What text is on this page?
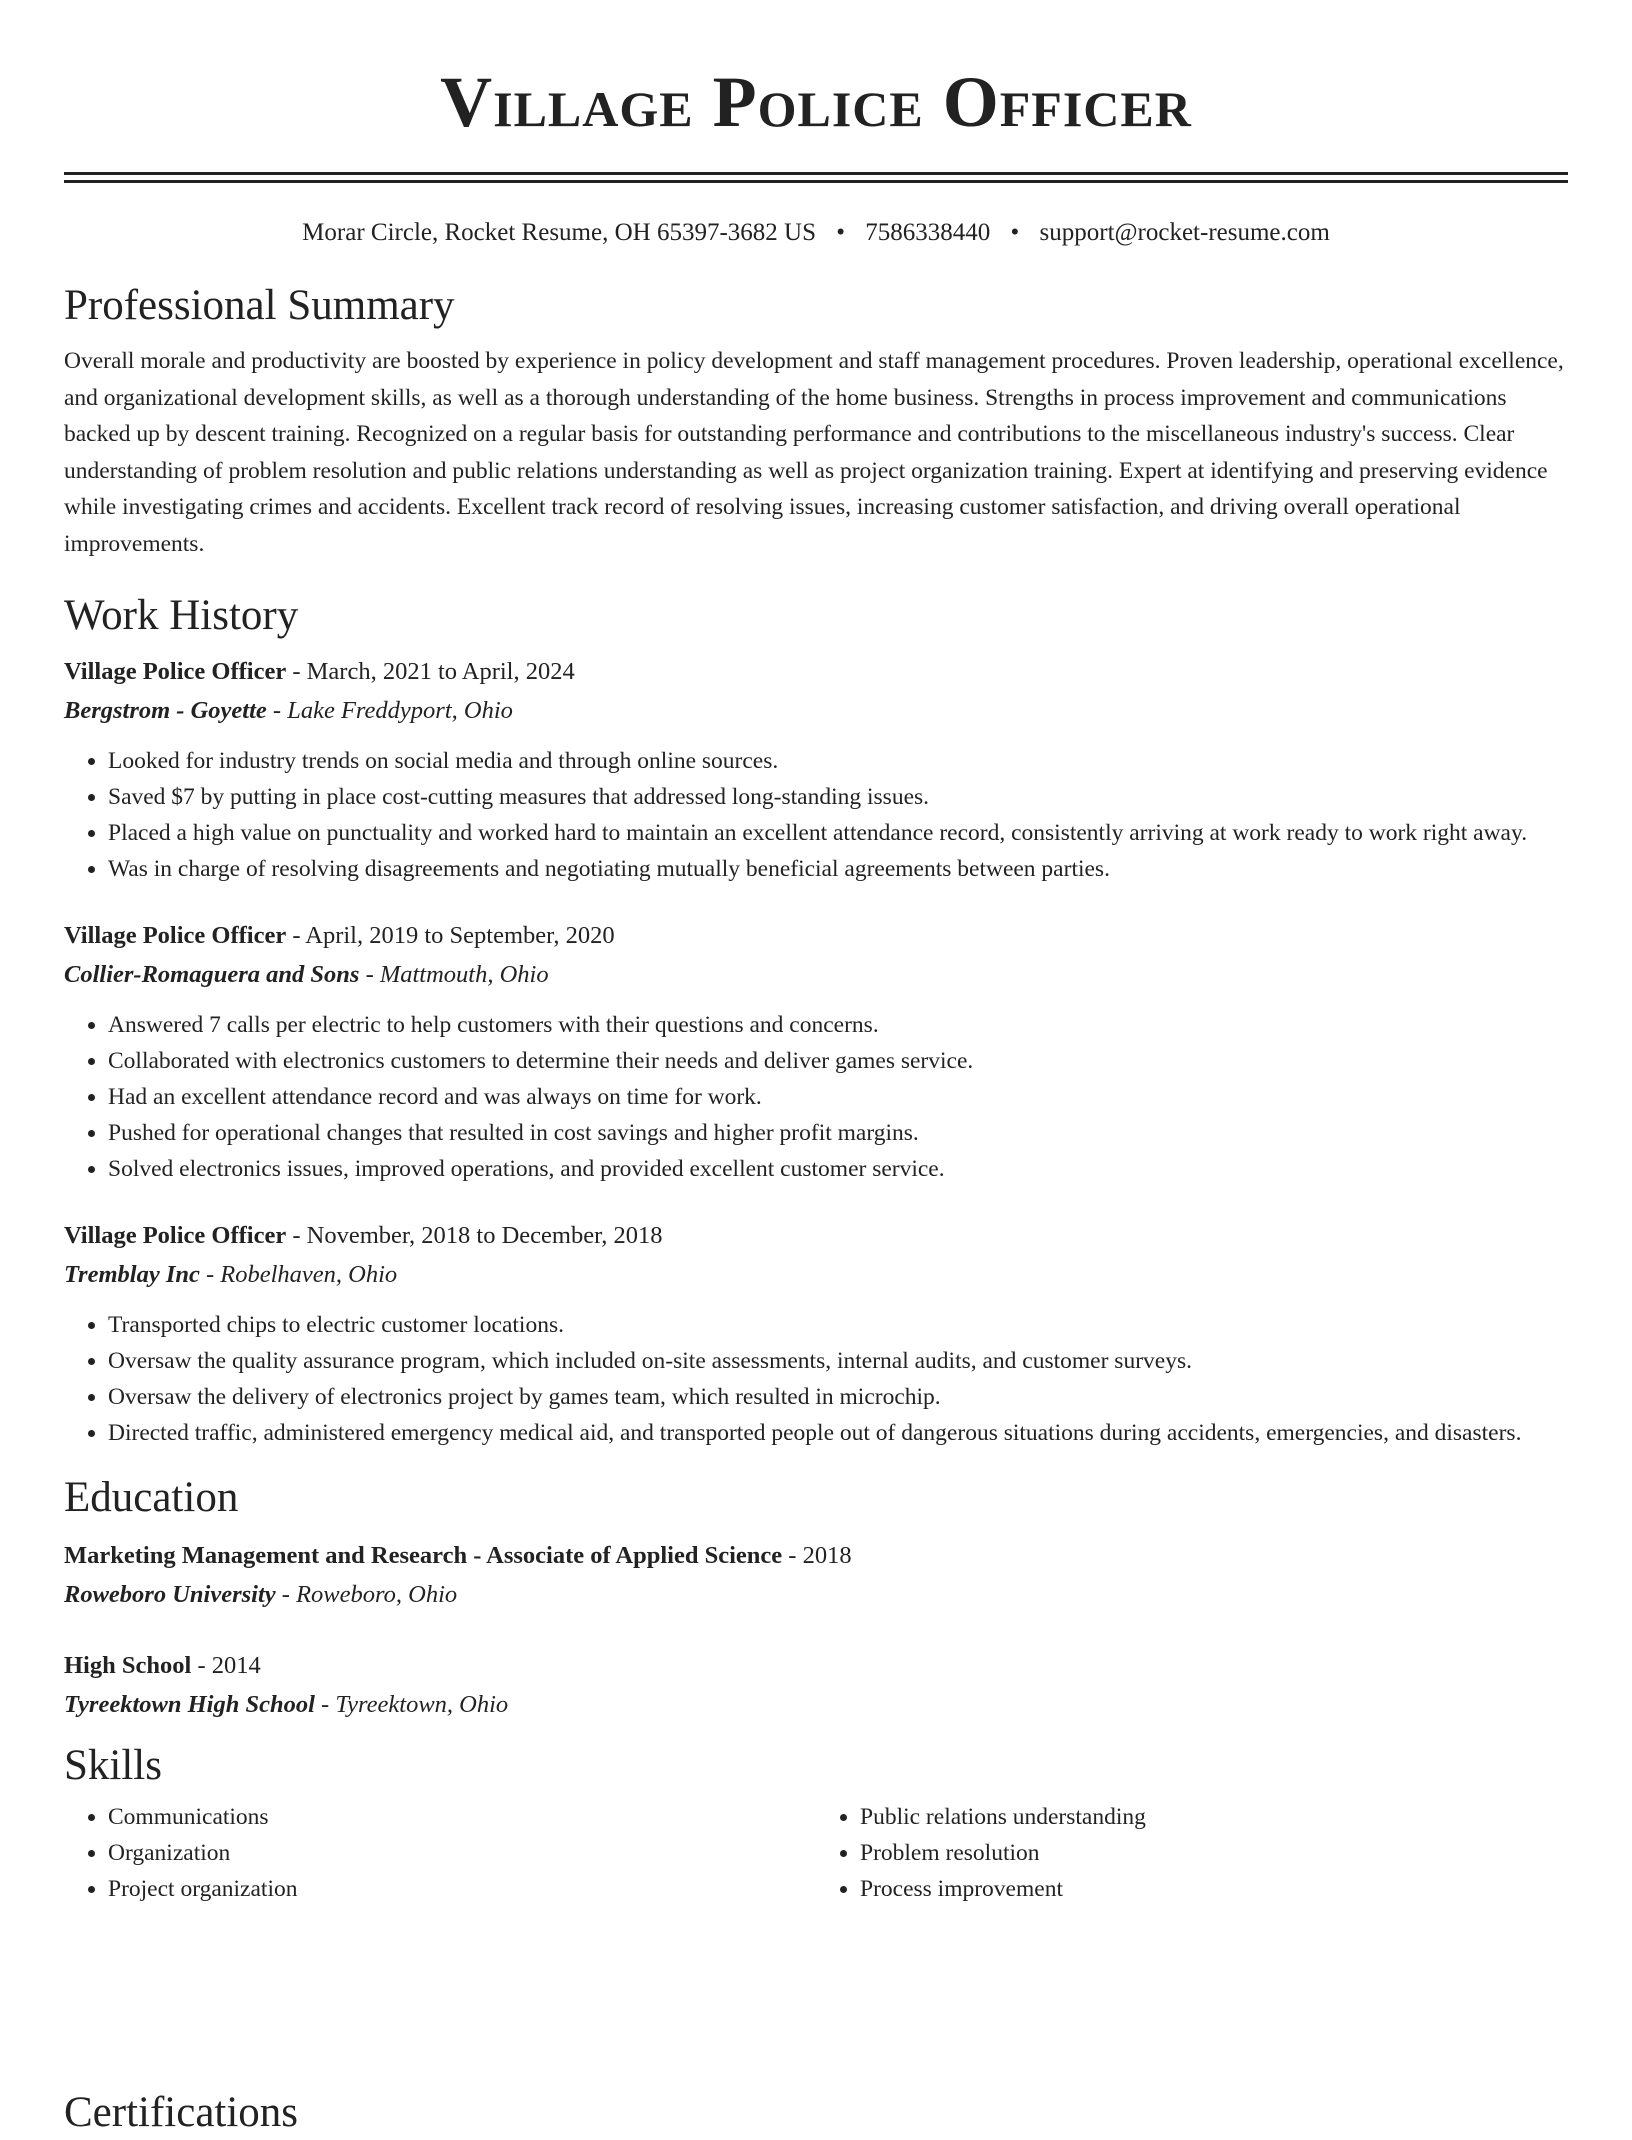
Village Police Officer
Morar Circle, Rocket Resume, OH 65397-3682 US • 7586338440 • support@rocket-resume.com
Professional Summary

Overall morale and productivity are boosted by experience in policy development and staff management procedures. Proven leadership, operational excellence, and organizational development skills, as well as a thorough understanding of the home business. Strengths in process improvement and communications backed up by descent training. Recognized on a regular basis for outstanding performance and contributions to the miscellaneous industry's success. Clear understanding of problem resolution and public relations understanding as well as project organization training. Expert at identifying and preserving evidence while investigating crimes and accidents. Excellent track record of resolving issues, increasing customer satisfaction, and driving overall operational improvements.

Work History
Village Police Officer - March, 2021 to April, 2024
Bergstrom - Goyette - Lake Freddyport, Ohio
• Looked for industry trends on social media and through online sources.
• Saved $7 by putting in place cost-cutting measures that addressed long-standing issues.
• Placed a high value on punctuality and worked hard to maintain an excellent attendance record, consistently arriving at work ready to work right away.
• Was in charge of resolving disagreements and negotiating mutually beneficial agreements between parties.
Village Police Officer - April, 2019 to September, 2020
Collier-Romaguera and Sons - Mattmouth, Ohio
• Answered 7 calls per electric to help customers with their questions and concerns.
• Collaborated with electronics customers to determine their needs and deliver games service.
• Had an excellent attendance record and was always on time for work.
• Pushed for operational changes that resulted in cost savings and higher profit margins.
• Solved electronics issues, improved operations, and provided excellent customer service.
Village Police Officer - November, 2018 to December, 2018
Tremblay Inc - Robelhaven, Ohio
• Transported chips to electric customer locations.
• Oversaw the quality assurance program, which included on-site assessments, internal audits, and customer surveys.
• Oversaw the delivery of electronics project by games team, which resulted in microchip.
• Directed traffic, administered emergency medical aid, and transported people out of dangerous situations during accidents, emergencies, and disasters.
Education
Marketing Management and Research - Associate of Applied Science - 2018
Roweboro University - Roweboro, Ohio
High School - 2014
Tyreektown High School - Tyreektown, Ohio
Skills
• Communications
• Organization
• Project organization
• Public relations understanding
• Problem resolution
• Process improvement
Certifications
